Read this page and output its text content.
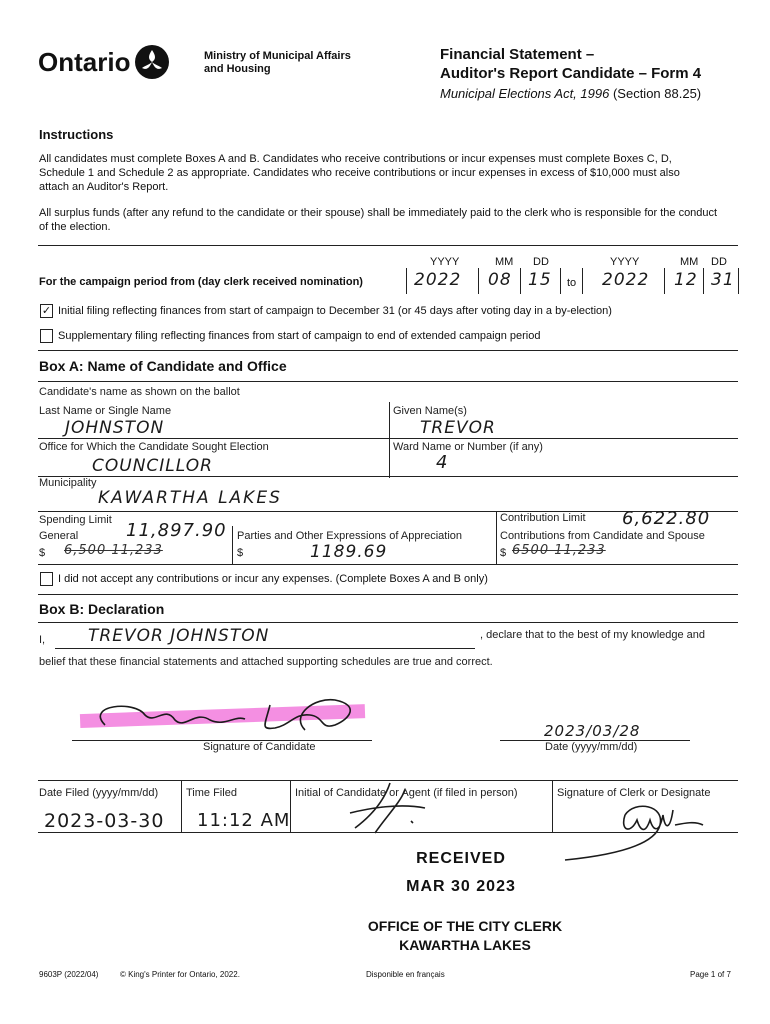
Ontario	Ministry of Municipal Affairs and Housing
Financial Statement –
Auditor's Report Candidate – Form 4
Municipal Elections Act, 1996 (Section 88.25)
Instructions
All candidates must complete Boxes A and B. Candidates who receive contributions or incur expenses must complete Boxes C, D, Schedule 1 and Schedule 2 as appropriate. Candidates who receive contributions or incur expenses in excess of $10,000 must also attach an Auditor's Report.
All surplus funds (after any refund to the candidate or their spouse) shall be immediately paid to the clerk who is responsible for the conduct of the election.
YYYY	MM DD	YYYY	MM DD
For the campaign period from (day clerk received nomination)	2022 08 15 to 2022 12 31
✓ Initial filing reflecting finances from start of campaign to December 31 (or 45 days after voting day in a by-election)
Supplementary filing reflecting finances from start of campaign to end of extended campaign period
Box A: Name of Candidate and Office
Candidate's name as shown on the ballot
Last Name or Single Name
JOHNSTON
Given Name(s)
TREVOR
Office for Which the Candidate Sought Election
COUNCILLOR
Ward Name or Number (if any)
4
Municipality
KAWARTHA LAKES
Spending Limit
General	11,897.90
$ 6,500 11,233
Parties and Other Expressions of Appreciation
$	1189.69
Contribution Limit 6,622.80
Contributions from Candidate and Spouse
$ 6500 11,233
I did not accept any contributions or incur any expenses. (Complete Boxes A and B only)
Box B: Declaration
I,	TREVOR JOHNSTON	, declare that to the best of my knowledge and
belief that these financial statements and attached supporting schedules are true and correct.
Signature of Candidate
2023/03/28
Date (yyyy/mm/dd)
Date Filed (yyyy/mm/dd)
2023-03-30
Time Filed
11:12 AM
Initial of Candidate or Agent (if filed in person)	Signature of Clerk or Designate
RECEIVED
MAR 30 2023
OFFICE OF THE CITY CLERK
KAWARTHA LAKES
9603P (2022/04)	© King's Printer for Ontario, 2022.	Disponible en français	Page 1 of 7
